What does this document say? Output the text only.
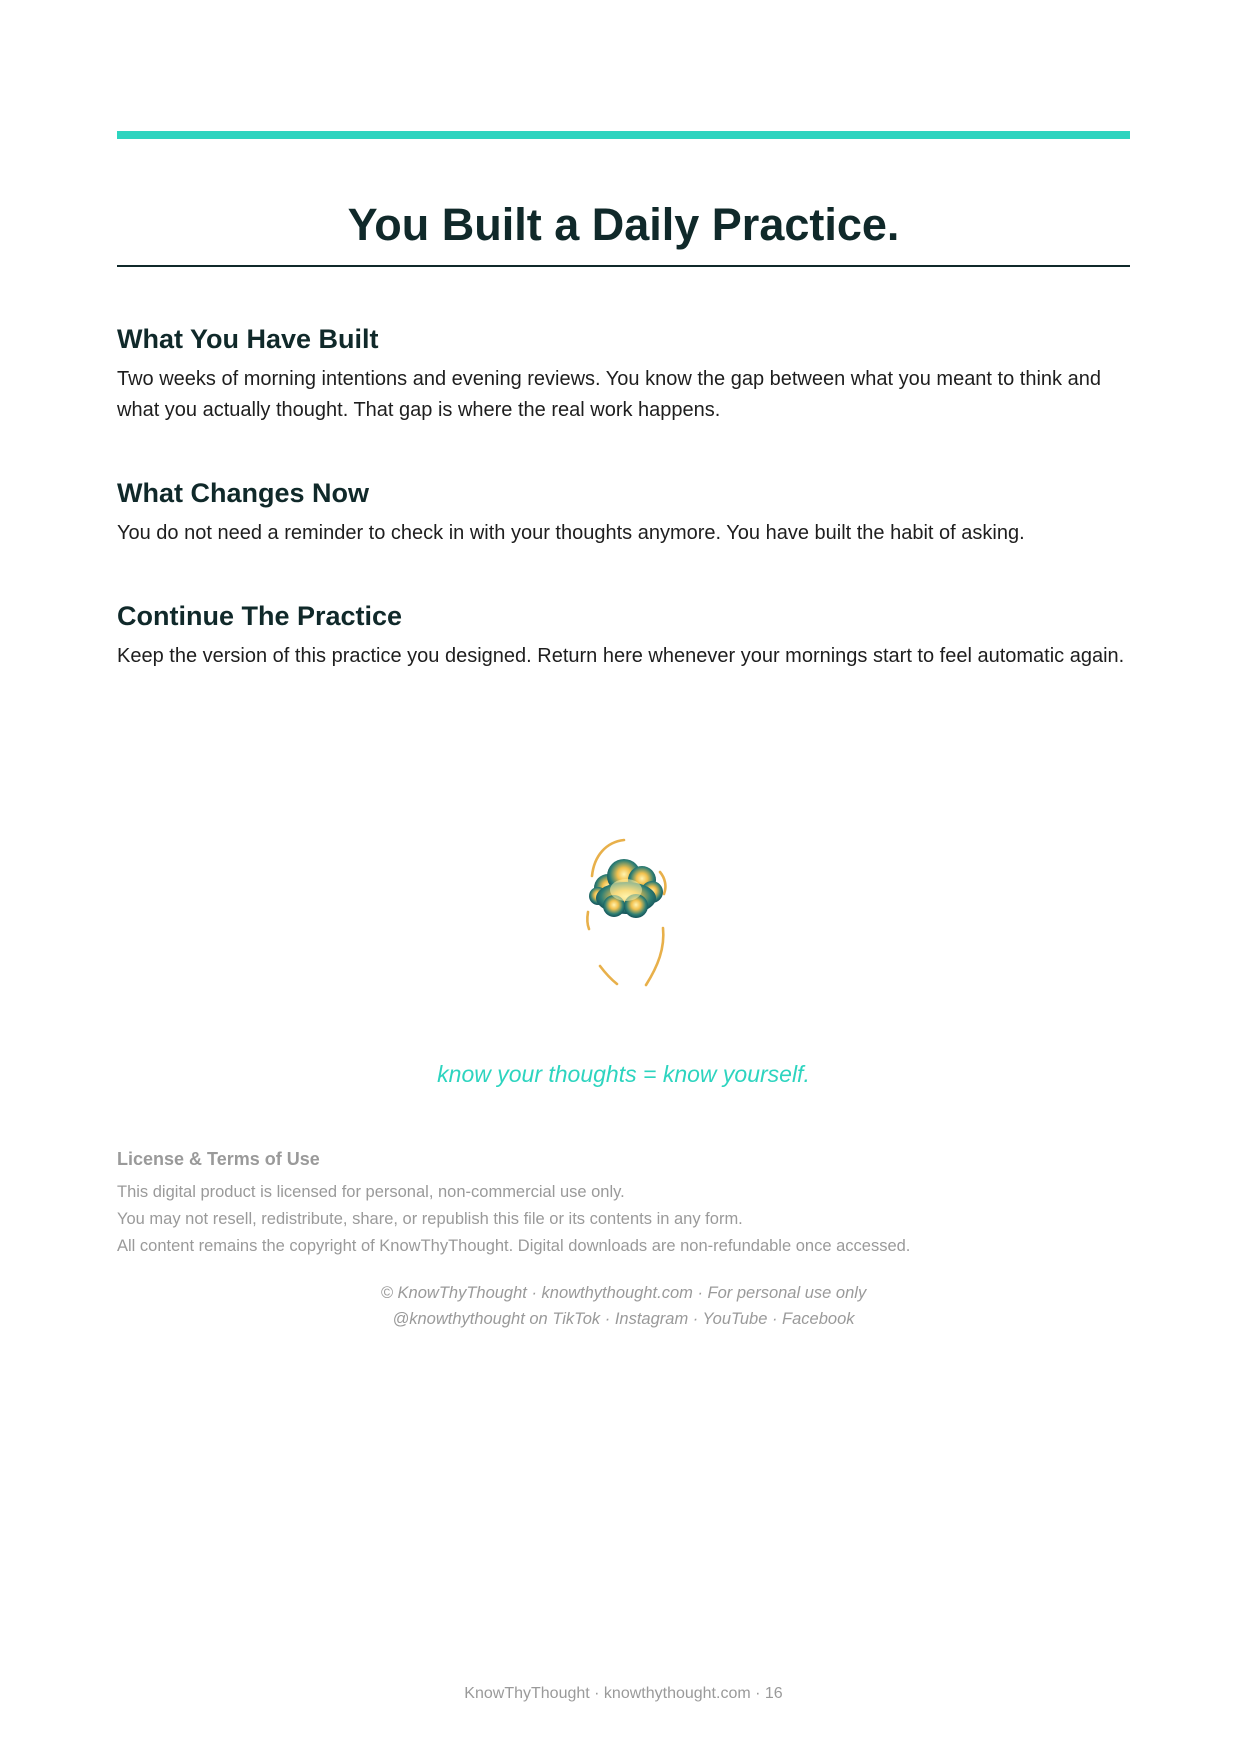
You Built a Daily Practice.
What You Have Built

Two weeks of morning intentions and evening reviews. You know the gap between what you meant to think and what you actually thought. That gap is where the real work happens.

What Changes Now

You do not need a reminder to check in with your thoughts anymore. You have built the habit of asking.

Continue The Practice

Keep the version of this practice you designed. Return here whenever your mornings start to feel automatic again.

know your thoughts = know yourself.

License & Terms of Use

This digital product is licensed for personal, non-commercial use only.

You may not resell, redistribute, share, or republish this file or its contents in any form.

All content remains the copyright of KnowThyThought. Digital downloads are non-refundable once accessed.

© KnowThyThought · knowthythought.com · For personal use only
@knowthythought on TikTok · Instagram · YouTube · Facebook
KnowThyThought · knowthythought.com · 16
